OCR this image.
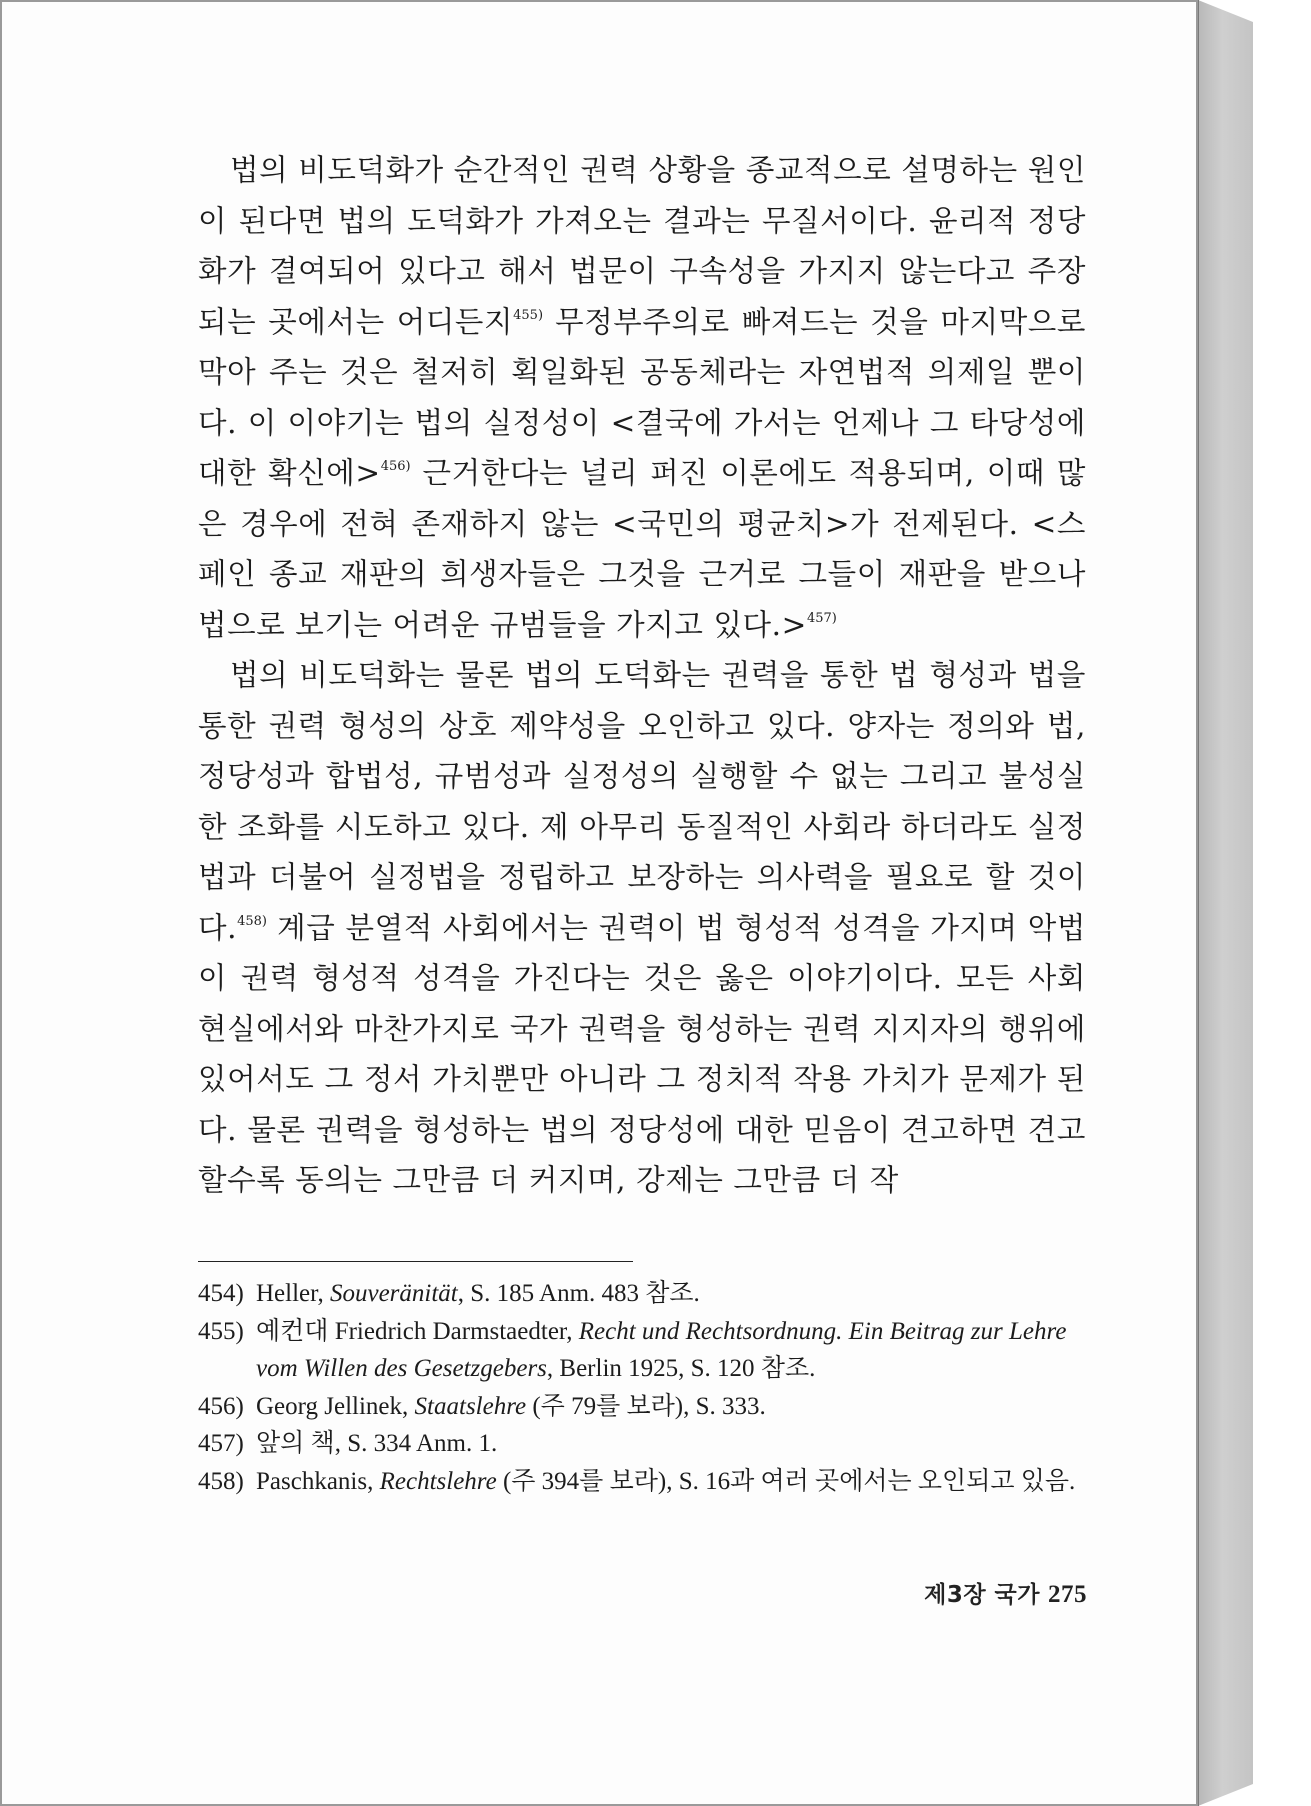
법의 비도덕화가 순간적인 권력 상황을 종교적으로 설명하는 원인이 된다면 법의 도덕화가 가져오는 결과는 무질서이다. 윤리적 정당화가 결여되어 있다고 해서 법문이 구속성을 가지지 않는다고 주장되는 곳에서는 어디든지$^{455)}$ 무정부주의로 빠져드는 것을 마지막으로 막아 주는 것은 철저히 획일화된 공동체라는 자연법적 의제일 뿐이다. 이 이야기는 법의 실정성이 <결국에 가서는 언제나 그 타당성에 대한 확신에>$^{456)}$ 근거한다는 널리 퍼진 이론에도 적용되며, 이때 많은 경우에 전혀 존재하지 않는 <국민의 평균치>가 전제된다. <스페인 종교 재판의 희생자들은 그것을 근거로 그들이 재판을 받으나 법으로 보기는 어려운 규범들을 가지고 있다.>$^{457)}$

법의 비도덕화는 물론 법의 도덕화는 권력을 통한 법 형성과 법을 통한 권력 형성의 상호 제약성을 오인하고 있다. 양자는 정의와 법, 정당성과 합법성, 규범성과 실정성의 실행할 수 없는 그리고 불성실한 조화를 시도하고 있다. 제 아무리 동질적인 사회라 하더라도 실정법과 더불어 실정법을 정립하고 보장하는 의사력을 필요로 할 것이다.$^{458)}$ 계급 분열적 사회에서는 권력이 법 형성적 성격을 가지며 악법이 권력 형성적 성격을 가진다는 것은 옳은 이야기이다. 모든 사회 현실에서와 마찬가지로 국가 권력을 형성하는 권력 지지자의 행위에 있어서도 그 정서 가치뿐만 아니라 그 정치적 작용 가치가 문제가 된다. 물론 권력을 형성하는 법의 정당성에 대한 믿음이 견고하면 견고할수록 동의는 그만큼 더 커지며, 강제는 그만큼 더 작

454) Heller, Souveränität, S. 185 Anm. 483 참조.

455) 예컨대 Friedrich Darmstaedter, Recht und Rechtsordnung. Ein Beitrag zur Lehre vom Willen des Gesetzgebers, Berlin 1925, S. 120 참조.

456) Georg Jellinek, Staatslehre (주 79를 보라), S. 333.

457) 앞의 책, S. 334 Anm. 1.

458) Paschkanis, Rechtslehre (주 394를 보라), S. 16과 여러 곳에서는 오인되고 있음.

제3장 국가 275
